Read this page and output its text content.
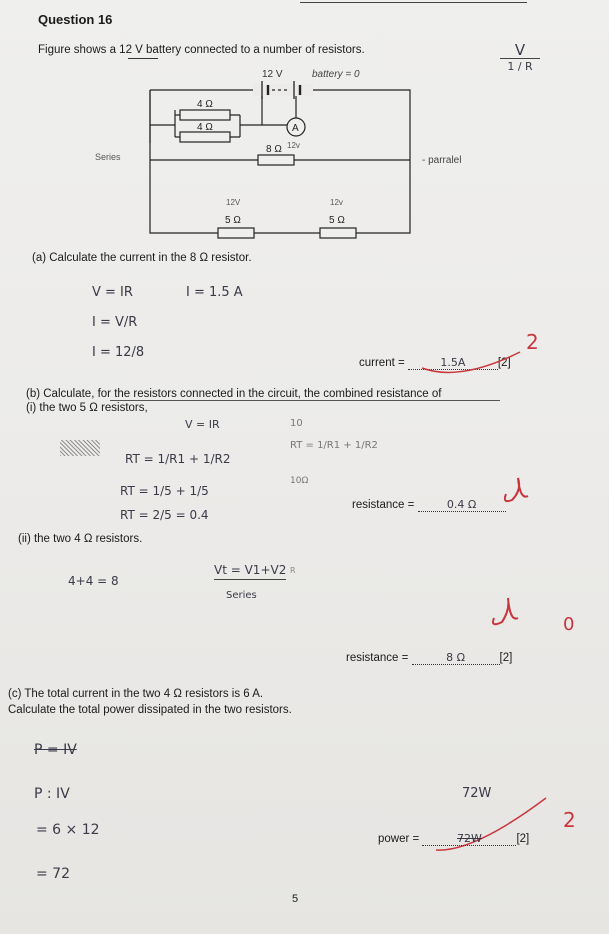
Question 16
Figure shows a 12 V battery connected to a number of resistors.	V
1 / R
4 Ω
4 Ω	A
8 Ω
5 Ω	5 Ω
12 V	battery = 0
Series	- parralel
12v
12V	12v
(a) Calculate the current in the 8 Ω resistor.
V = IR	I = 1.5 A
I = V/R
I = 12/8
current =	1.5A	[2]
2
(b) Calculate, for the resistors connected in the circuit, the combined resistance of
(i) the two 5 Ω resistors,
V = IR
RT = 1/R1 + 1/R2
RT = 1/5 + 1/5
RT = 2/5 = 0.4
10
RT = 1/R1 + 1/R2
10Ω
resistance =	0.4 Ω
(ii) the two 4 Ω resistors.
4+4 = 8
Vt = V1+V2
Series
R
0
resistance =	8 Ω	[2]
(c) The total current in the two 4 Ω resistors is 6 A.
Calculate the total power dissipated in the two resistors.
P = IV
P : IV
= 6 × 12
= 72
72W
2
power =	72W	[2]
5
